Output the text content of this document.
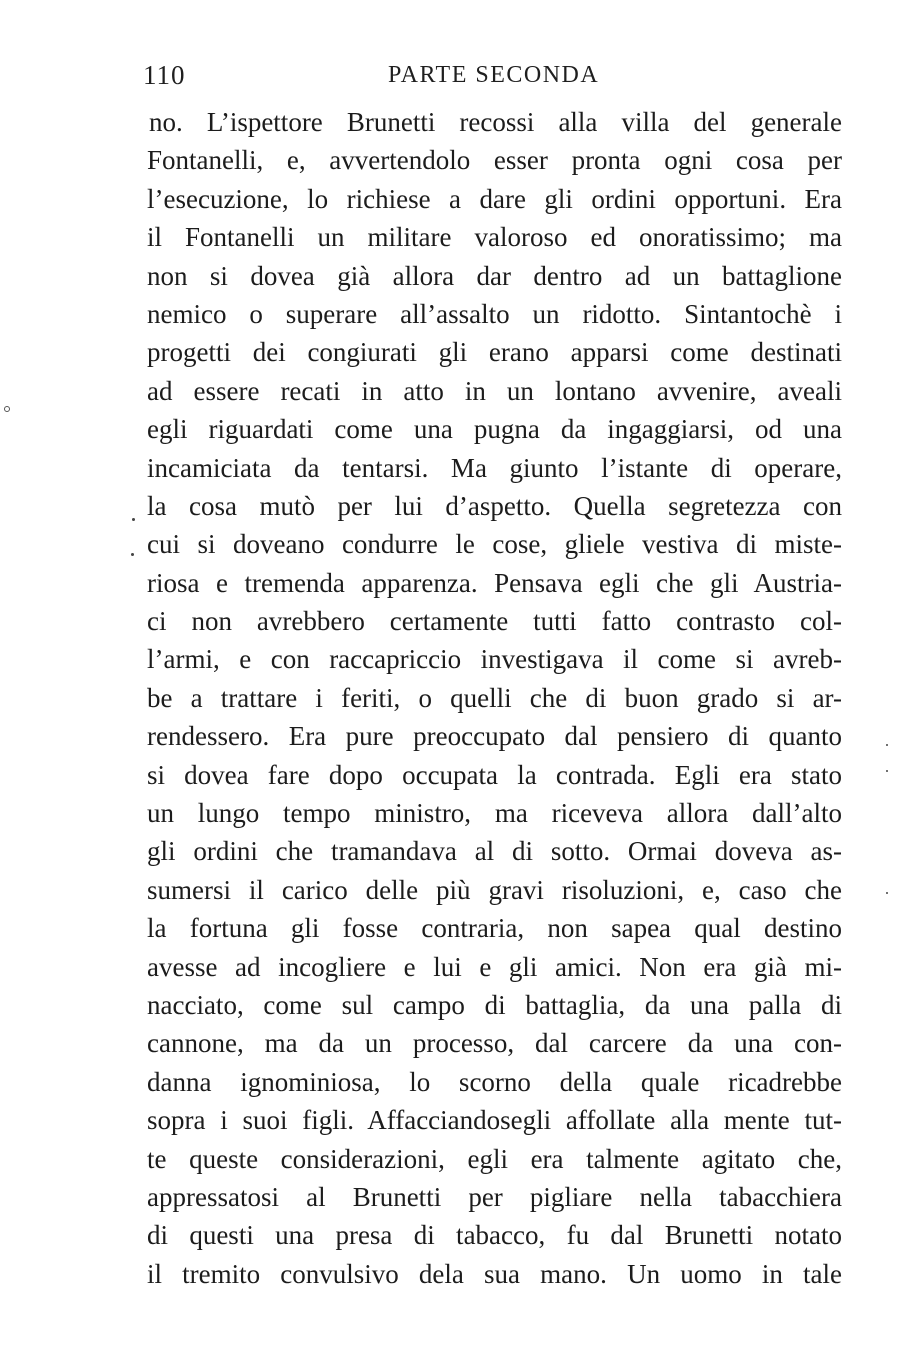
110	PARTE SECONDA
no. L’ispettore Brunetti recossi alla villa del generale
Fontanelli, e, avvertendolo esser pronta ogni cosa per
l’esecuzione, lo richiese a dare gli ordini opportuni. Era
il Fontanelli un militare valoroso ed onoratissimo; ma
non si dovea già allora dar dentro ad un battaglione
nemico o superare all’assalto un ridotto. Sintantochè i
progetti dei congiurati gli erano apparsi come destinati
ad essere recati in atto in un lontano avvenire, aveali
egli riguardati come una pugna da ingaggiarsi, od una
incamiciata da tentarsi. Ma giunto l’istante di operare,
la cosa mutò per lui d’aspetto. Quella segretezza con
cui si doveano condurre le cose, gliele vestiva di miste-
riosa e tremenda apparenza. Pensava egli che gli Austria-
ci non avrebbero certamente tutti fatto contrasto col-
l’armi, e con raccapriccio investigava il come si avreb-
be a trattare i feriti, o quelli che di buon grado si ar-
rendessero. Era pure preoccupato dal pensiero di quanto
si dovea fare dopo occupata la contrada. Egli era stato
un lungo tempo ministro, ma riceveva allora dall’alto
gli ordini che tramandava al di sotto. Ormai doveva as-
sumersi il carico delle più gravi risoluzioni, e, caso che
la fortuna gli fosse contraria, non sapea qual destino
avesse ad incogliere e lui e gli amici. Non era già mi-
nacciato, come sul campo di battaglia, da una palla di
cannone, ma da un processo, dal carcere da una con-
danna ignominiosa, lo scorno della quale ricadrebbe
sopra i suoi figli. Affacciandosegli affollate alla mente tut-
te queste considerazioni, egli era talmente agitato che,
appressatosi al Brunetti per pigliare nella tabacchiera
di questi una presa di tabacco, fu dal Brunetti notato
il tremito convulsivo dela sua mano. Un uomo in tale
